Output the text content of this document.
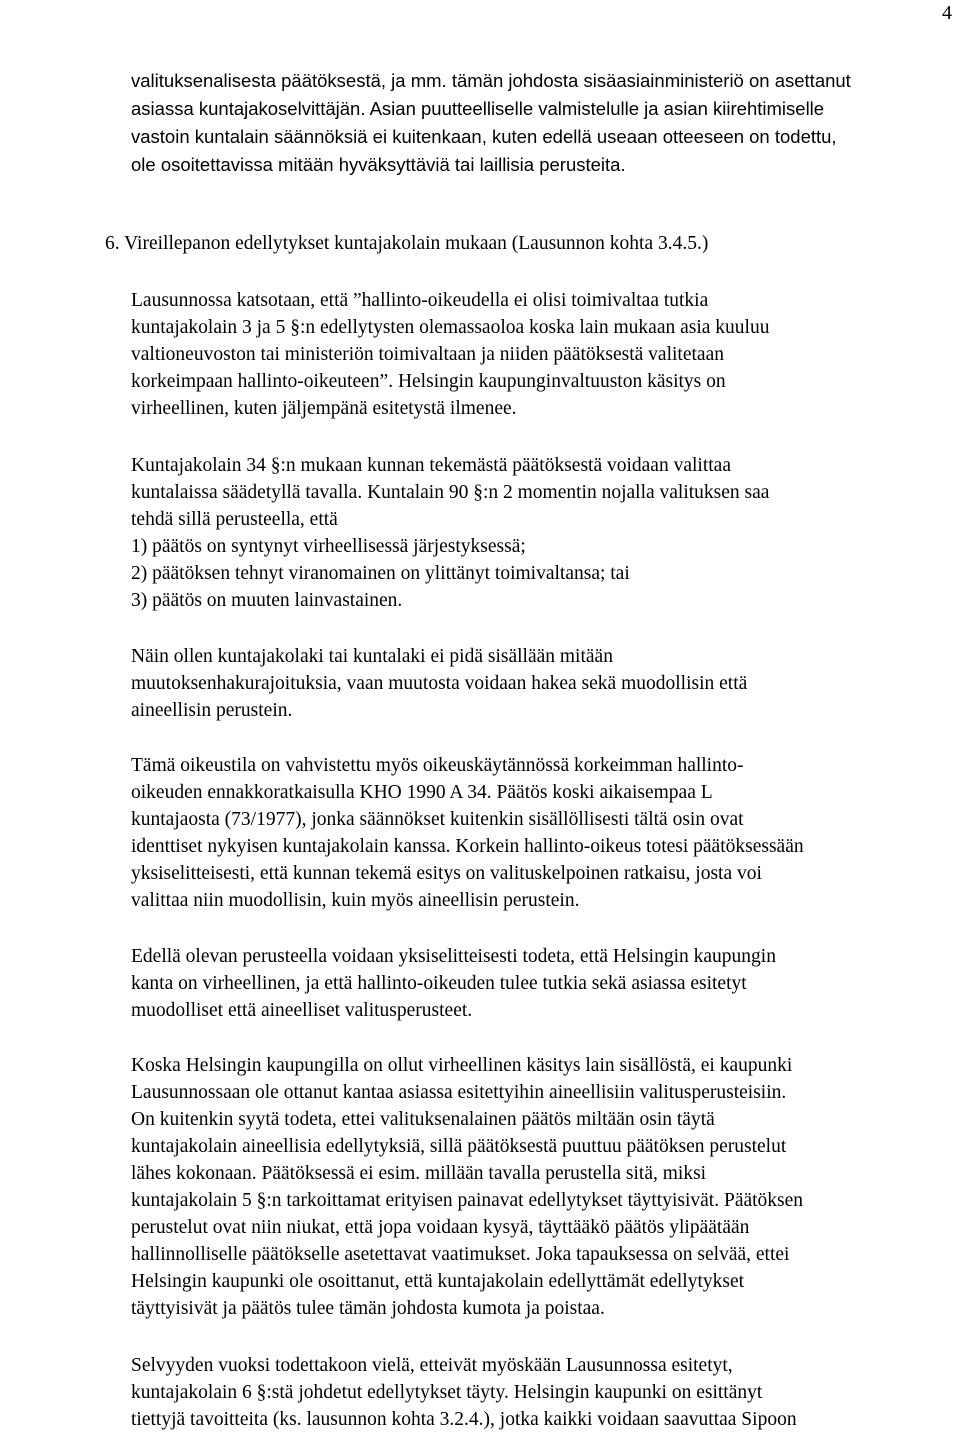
4

valituksenalisesta päätöksestä, ja mm. tämän johdosta sisäasiainministeriö on asettanut
asiassa kuntajakoselvittäjän. Asian puutteelliselle valmistelulle ja asian kiirehtimiselle
vastoin kuntalain säännöksiä ei kuitenkaan, kuten edellä useaan otteeseen on todettu,
ole osoitettavissa mitään hyväksyttäviä tai laillisia perusteita.

6. Vireillepanon edellytykset kuntajakolain mukaan (Lausunnon kohta 3.4.5.)

Lausunnossa katsotaan, että ”hallinto-oikeudella ei olisi toimivaltaa tutkia
kuntajakolain 3 ja 5 §:n edellytysten olemassaoloa koska lain mukaan asia kuuluu
valtioneuvoston tai ministeriön toimivaltaan ja niiden päätöksestä valitetaan
korkeimpaan hallinto-oikeuteen”. Helsingin kaupunginvaltuuston käsitys on
virheellinen, kuten jäljempänä esitetystä ilmenee.

Kuntajakolain 34 §:n mukaan kunnan tekemästä päätöksestä voidaan valittaa
kuntalaissa säädetyllä tavalla. Kuntalain 90 §:n 2 momentin nojalla valituksen saa
tehdä sillä perusteella, että
1) päätös on syntynyt virheellisessä järjestyksessä;
2) päätöksen tehnyt viranomainen on ylittänyt toimivaltansa; tai
3) päätös on muuten lainvastainen.

Näin ollen kuntajakolaki tai kuntalaki ei pidä sisällään mitään
muutoksenhakurajoituksia, vaan muutosta voidaan hakea sekä muodollisin että
aineellisin perustein.

Tämä oikeustila on vahvistettu myös oikeuskäytännössä korkeimman hallinto-
oikeuden ennakkoratkaisulla KHO 1990 A 34. Päätös koski aikaisempaa L
kuntajaosta (73/1977), jonka säännökset kuitenkin sisällöllisesti tältä osin ovat
identtiset nykyisen kuntajakolain kanssa. Korkein hallinto-oikeus totesi päätöksessään
yksiselitteisesti, että kunnan tekemä esitys on valituskelpoinen ratkaisu, josta voi
valittaa niin muodollisin, kuin myös aineellisin perustein.

Edellä olevan perusteella voidaan yksiselitteisesti todeta, että Helsingin kaupungin
kanta on virheellinen, ja että hallinto-oikeuden tulee tutkia sekä asiassa esitetyt
muodolliset että aineelliset valitusperusteet.

Koska Helsingin kaupungilla on ollut virheellinen käsitys lain sisällöstä, ei kaupunki
Lausunnossaan ole ottanut kantaa asiassa esitettyihin aineellisiin valitusperusteisiin.
On kuitenkin syytä todeta, ettei valituksenalainen päätös miltään osin täytä
kuntajakolain aineellisia edellytyksiä, sillä päätöksestä puuttuu päätöksen perustelut
lähes kokonaan. Päätöksessä ei esim. millään tavalla perustella sitä, miksi
kuntajakolain 5 §:n tarkoittamat erityisen painavat edellytykset täyttyisivät. Päätöksen
perustelut ovat niin niukat, että jopa voidaan kysyä, täyttääkö päätös ylipäätään
hallinnolliselle päätökselle asetettavat vaatimukset. Joka tapauksessa on selvää, ettei
Helsingin kaupunki ole osoittanut, että kuntajakolain edellyttämät edellytykset
täyttyisivät ja päätös tulee tämän johdosta kumota ja poistaa.

Selvyyden vuoksi todettakoon vielä, etteivät myöskään Lausunnossa esitetyt,
kuntajakolain 6 §:stä johdetut edellytykset täyty. Helsingin kaupunki on esittänyt
tiettyjä tavoitteita (ks. lausunnon kohta 3.2.4.), jotka kaikki voidaan saavuttaa Sipoon
